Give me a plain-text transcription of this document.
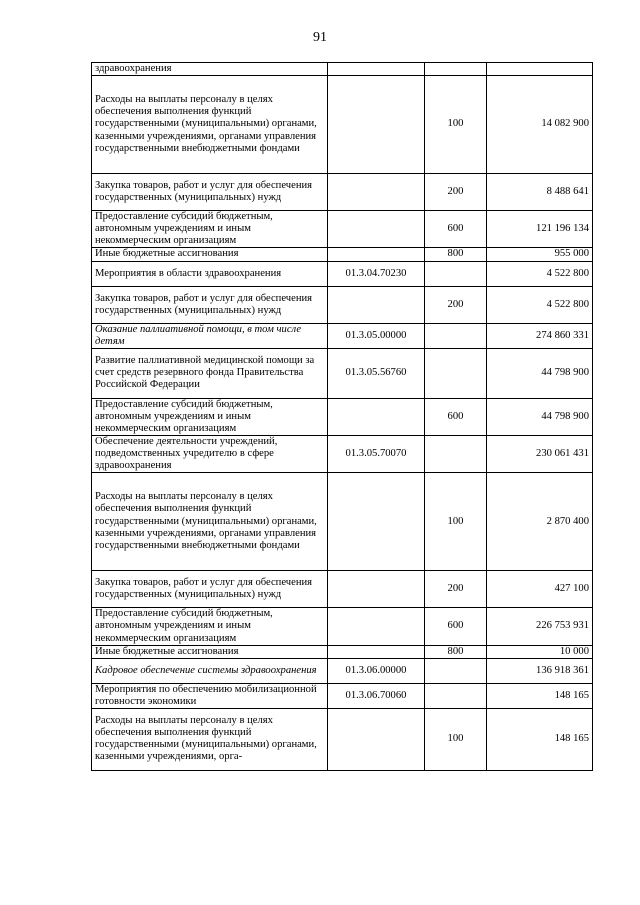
91
здравоохранения			
Расходы на выплаты персоналу в целях обеспечения выполнения функций государственными (муниципальными) органами, казенными учреждениями, органами управления государственными внебюджетными фондами		100	14 082 900
Закупка товаров, работ и услуг для обеспечения государственных (муниципальных) нужд		200	8 488 641
Предоставление субсидий бюджетным, автономным учреждениям и иным некоммерческим организациям		600	121 196 134
Иные бюджетные ассигнования		800	955 000
Мероприятия в области здравоохранения	01.3.04.70230		4 522 800
Закупка товаров, работ и услуг для обеспечения государственных (муниципальных) нужд		200	4 522 800
Оказание паллиативной помощи, в том числе детям	01.3.05.00000		274 860 331
Развитие паллиативной медицинской помощи за счет средств резервного фонда Правительства Российской Федерации	01.3.05.56760		44 798 900
Предоставление субсидий бюджетным, автономным учреждениям и иным некоммерческим организациям		600	44 798 900
Обеспечение деятельности учреждений, подведомственных учредителю в сфере здравоохранения	01.3.05.70070		230 061 431
Расходы на выплаты персоналу в целях обеспечения выполнения функций государственными (муниципальными) органами, казенными учреждениями, органами управления государственными внебюджетными фондами		100	2 870 400
Закупка товаров, работ и услуг для обеспечения государственных (муниципальных) нужд		200	427 100
Предоставление субсидий бюджетным, автономным учреждениям и иным некоммерческим организациям		600	226 753 931
Иные бюджетные ассигнования		800	10 000
Кадровое обеспечение системы здравоохранения	01.3.06.00000		136 918 361
Мероприятия по обеспечению мобилизационной готовности экономики	01.3.06.70060		148 165
Расходы на выплаты персоналу в целях обеспечения выполнения функций государственными (муниципальными) органами, казенными учреждениями, орга-		100	148 165
